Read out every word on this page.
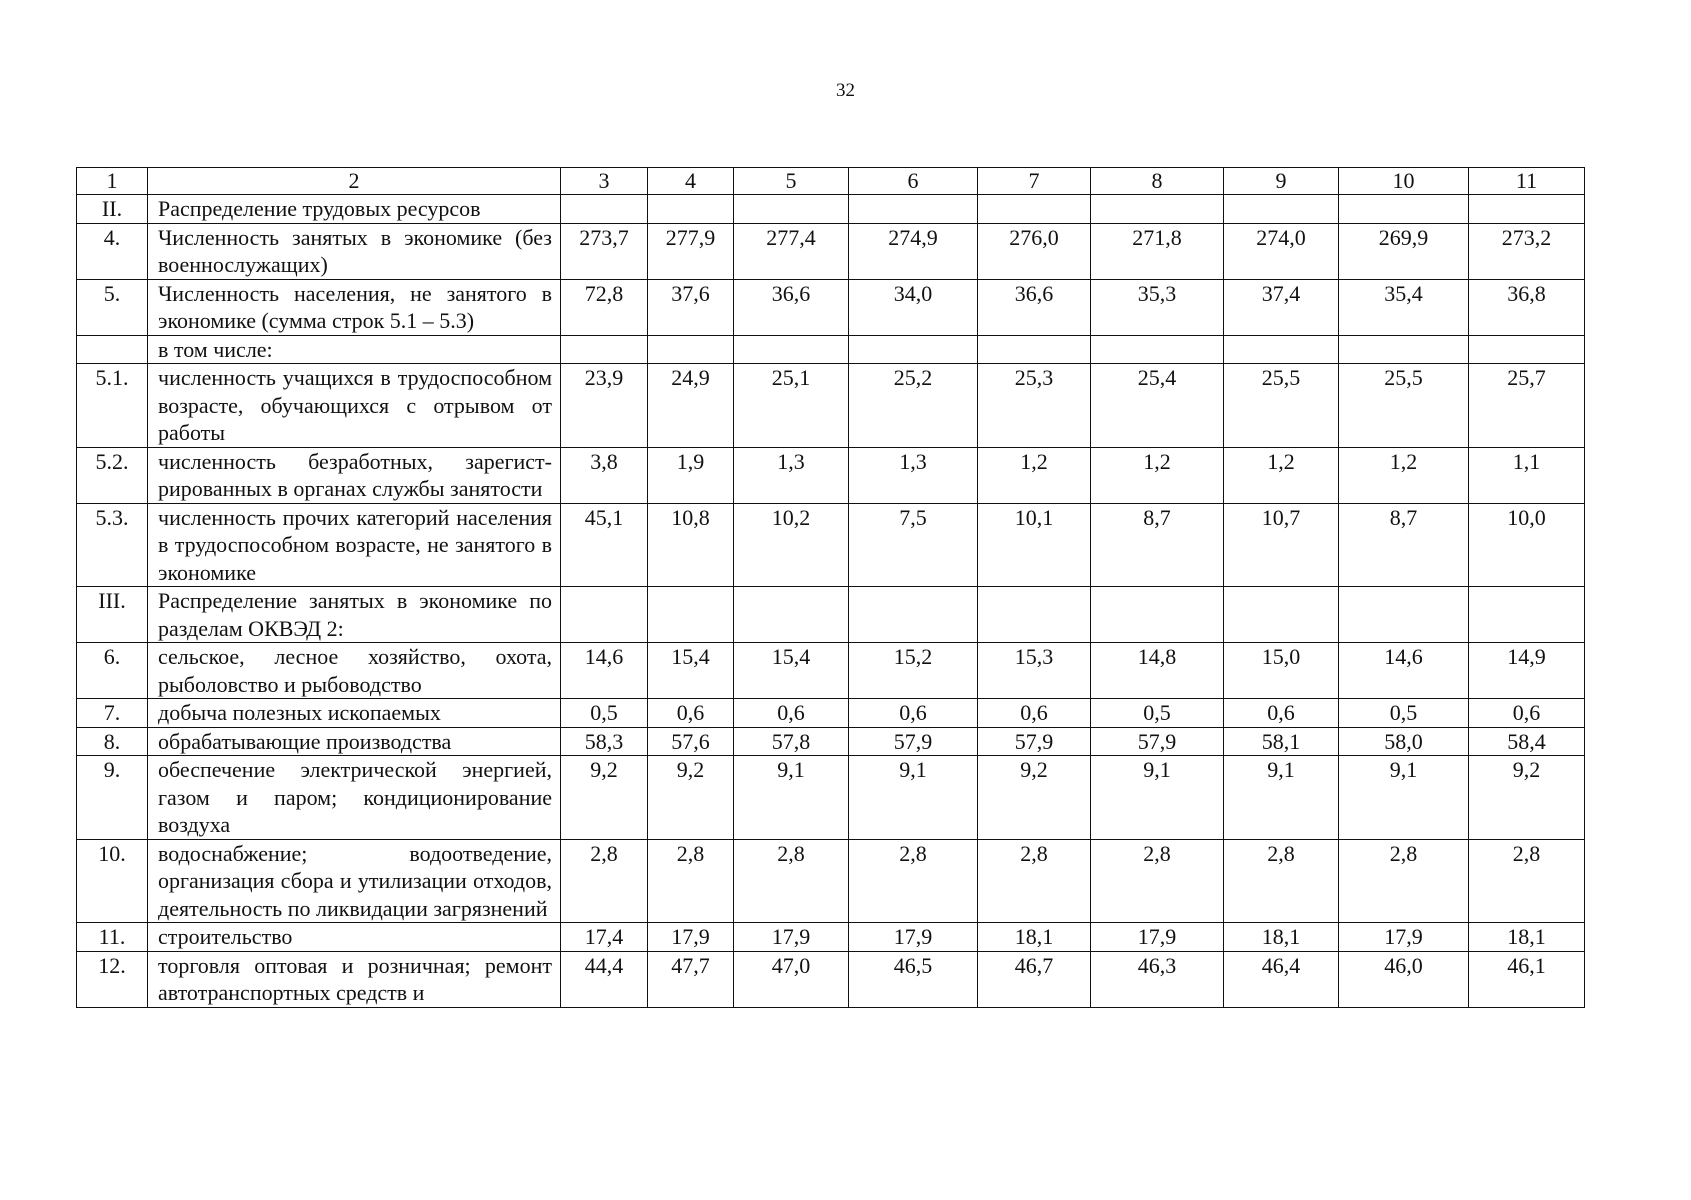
32
1	2	3	4	5	6	7	8	9	10	11
II.	Распределение трудовых ресурсов									
4.	Численность занятых в экономике (без военнослужащих)	273,7	277,9	277,4	274,9	276,0	271,8	274,0	269,9	273,2
5.	Численность населения, не занятого в экономике (сумма строк 5.1 – 5.3)	72,8	37,6	36,6	34,0	36,6	35,3	37,4	35,4	36,8
	в том числе:									
5.1.	численность учащихся в трудоспособном возрасте, обучающихся с отрывом от работы	23,9	24,9	25,1	25,2	25,3	25,4	25,5	25,5	25,7
5.2.	численность безработных, зарегист-рированных в органах службы занятости	3,8	1,9	1,3	1,3	1,2	1,2	1,2	1,2	1,1
5.3.	численность прочих категорий населения в трудоспособном возрасте, не занятого в экономике	45,1	10,8	10,2	7,5	10,1	8,7	10,7	8,7	10,0
III.	Распределение занятых в экономике по разделам ОКВЭД 2:									
6.	сельское, лесное хозяйство, охота, рыболовство и рыбоводство	14,6	15,4	15,4	15,2	15,3	14,8	15,0	14,6	14,9
7.	добыча полезных ископаемых	0,5	0,6	0,6	0,6	0,6	0,5	0,6	0,5	0,6
8.	обрабатывающие производства	58,3	57,6	57,8	57,9	57,9	57,9	58,1	58,0	58,4
9.	обеспечение электрической энергией, газом и паром; кондиционирование воздуха	9,2	9,2	9,1	9,1	9,2	9,1	9,1	9,1	9,2
10.	водоснабжение; водоотведение, организация сбора и утилизации отходов, деятельность по ликвидации загрязнений	2,8	2,8	2,8	2,8	2,8	2,8	2,8	2,8	2,8
11.	строительство	17,4	17,9	17,9	17,9	18,1	17,9	18,1	17,9	18,1
12.	торговля оптовая и розничная; ремонт автотранспортных средств и	44,4	47,7	47,0	46,5	46,7	46,3	46,4	46,0	46,1
